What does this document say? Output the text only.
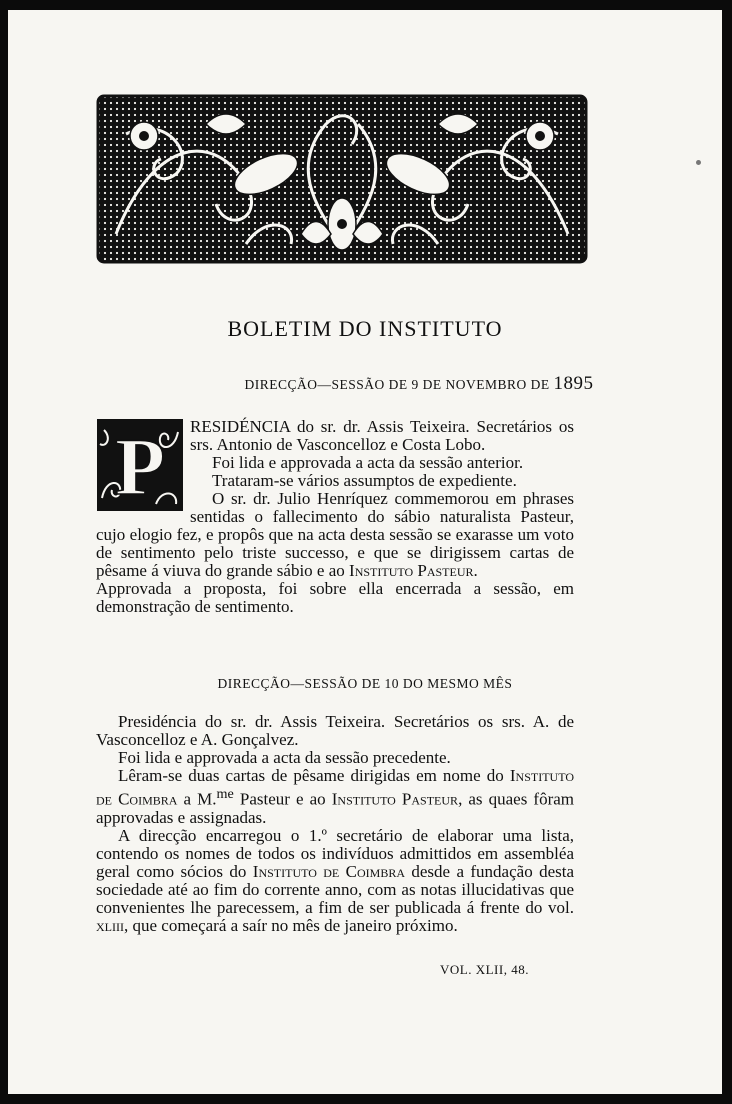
BOLETIM DO INSTITUTO
DIRECÇÃO—SESSÃO DE 9 DE NOVEMBRO DE 1895
P	RESIDÉNCIA do sr. dr. Assis Teixeira. Secretários os srs. Antonio de Vasconcelloz e Costa Lobo.

Foi lida e approvada a acta da sessão anterior.

Trataram-se vários assumptos de expediente.

O sr. dr. Julio Henríquez commemorou em phrases sentidas o fallecimento do sábio naturalista Pasteur, cujo elogio fez, e propôs que na acta desta sessão se exarasse um voto de sentimento pelo triste successo, e que se dirigissem cartas de pêsame á viuva do grande sábio e ao Instituto Pasteur.

Approvada a proposta, foi sobre ella encerrada a sessão, em demonstração de sentimento.

DIRECÇÃO—SESSÃO DE 10 DO MESMO MÊS

Presidéncia do sr. dr. Assis Teixeira. Secretários os srs. A. de Vasconcelloz e A. Gonçalvez.

Foi lida e approvada a acta da sessão precedente.

Lêram-se duas cartas de pêsame dirigidas em nome do Instituto de Coimbra a M.$^{me}$ Pasteur e ao Instituto Pasteur, as quaes fôram approvadas e assignadas.

A direcção encarregou o 1.º secretário de elaborar uma lista, contendo os nomes de todos os indivíduos admittidos em assembléa geral como sócios do Instituto de Coimbra desde a fundação desta sociedade até ao fim do corrente anno, com as notas illucidativas que convenientes lhe parecessem, a fim de ser publicada á frente do vol. xliii, que começará a saír no mês de janeiro próximo.

VOL. XLII, 48.
